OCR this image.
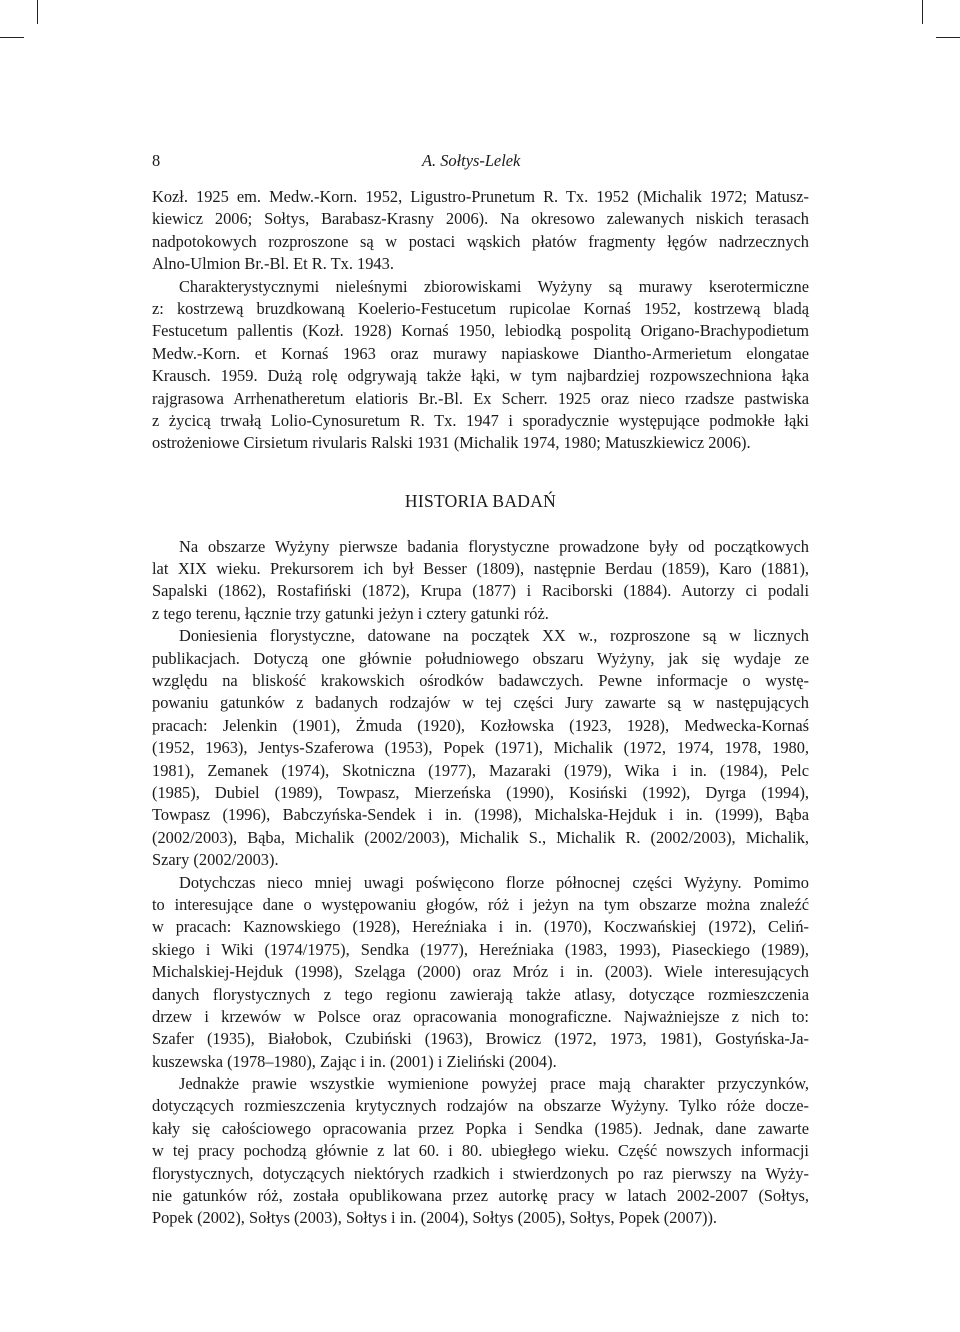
8	A. Sołtys-Lelek

Kozł. 1925 em. Medw.-Korn. 1952, Ligustro-Prunetum R. Tx. 1952 (Michalik 1972; Matusz-
kiewicz 2006; Sołtys, Barabasz-Krasny 2006). Na okresowo zalewanych niskich terasach
nadpotokowych rozproszone są w postaci wąskich płatów fragmenty łęgów nadrzecznych
Alno-Ulmion Br.-Bl. Et R. Tx. 1943.

Charakterystycznymi nieleśnymi zbiorowiskami Wyżyny są murawy kserotermiczne
z: kostrzewą bruzdkowaną Koelerio-Festucetum rupicolae Kornaś 1952, kostrzewą bladą
Festucetum pallentis (Kozł. 1928) Kornaś 1950, lebiodką pospolitą Origano-Brachypodietum
Medw.-Korn. et Kornaś 1963 oraz murawy napiaskowe Diantho-Armerietum elongatae
Krausch. 1959. Dużą rolę odgrywają także łąki, w tym najbardziej rozpowszechniona łąka
rajgrasowa Arrhenatheretum elatioris Br.-Bl. Ex Scherr. 1925 oraz nieco rzadsze pastwiska
z życicą trwałą Lolio-Cynosuretum R. Tx. 1947 i sporadycznie występujące podmokłe łąki
ostrożeniowe Cirsietum rivularis Ralski 1931 (Michalik 1974, 1980; Matuszkiewicz 2006).

HISTORIA BADAŃ

Na obszarze Wyżyny pierwsze badania florystyczne prowadzone były od początkowych
lat XIX wieku. Prekursorem ich był Besser (1809), następnie Berdau (1859), Karo (1881),
Sapalski (1862), Rostafiński (1872), Krupa (1877) i Raciborski (1884). Autorzy ci podali
z tego terenu, łącznie trzy gatunki jeżyn i cztery gatunki róż.

Doniesienia florystyczne, datowane na początek XX w., rozproszone są w licznych
publikacjach. Dotyczą one głównie południowego obszaru Wyżyny, jak się wydaje ze
względu na bliskość krakowskich ośrodków badawczych. Pewne informacje o wystę-
powaniu gatunków z badanych rodzajów w tej części Jury zawarte są w następujących
pracach: Jelenkin (1901), Żmuda (1920), Kozłowska (1923, 1928), Medwecka-Kornaś
(1952, 1963), Jentys-Szaferowa (1953), Popek (1971), Michalik (1972, 1974, 1978, 1980,
1981), Zemanek (1974), Skotniczna (1977), Mazaraki (1979), Wika i in. (1984), Pelc
(1985), Dubiel (1989), Towpasz, Mierzeńska (1990), Kosiński (1992), Dyrga (1994),
Towpasz (1996), Babczyńska-Sendek i in. (1998), Michalska-Hejduk i in. (1999), Bąba
(2002/2003), Bąba, Michalik (2002/2003), Michalik S., Michalik R. (2002/2003), Michalik,
Szary (2002/2003).

Dotychczas nieco mniej uwagi poświęcono florze północnej części Wyżyny. Pomimo
to interesujące dane o występowaniu głogów, róż i jeżyn na tym obszarze można znaleźć
w pracach: Kaznowskiego (1928), Hereźniaka i in. (1970), Koczwańskiej (1972), Celiń-
skiego i Wiki (1974/1975), Sendka (1977), Hereźniaka (1983, 1993), Piaseckiego (1989),
Michalskiej-Hejduk (1998), Szeląga (2000) oraz Mróz i in. (2003). Wiele interesujących
danych florystycznych z tego regionu zawierają także atlasy, dotyczące rozmieszczenia
drzew i krzewów w Polsce oraz opracowania monograficzne. Najważniejsze z nich to:
Szafer (1935), Białobok, Czubiński (1963), Browicz (1972, 1973, 1981), Gostyńska-Ja-
kuszewska (1978–1980), Zając i in. (2001) i Zieliński (2004).

Jednakże prawie wszystkie wymienione powyżej prace mają charakter przyczynków,
dotyczących rozmieszczenia krytycznych rodzajów na obszarze Wyżyny. Tylko róże docze-
kały się całościowego opracowania przez Popka i Sendka (1985). Jednak, dane zawarte
w tej pracy pochodzą głównie z lat 60. i 80. ubiegłego wieku. Część nowszych informacji
florystycznych, dotyczących niektórych rzadkich i stwierdzonych po raz pierwszy na Wyży-
nie gatunków róż, została opublikowana przez autorkę pracy w latach 2002-2007 (Sołtys,
Popek (2002), Sołtys (2003), Sołtys i in. (2004), Sołtys (2005), Sołtys, Popek (2007)).
